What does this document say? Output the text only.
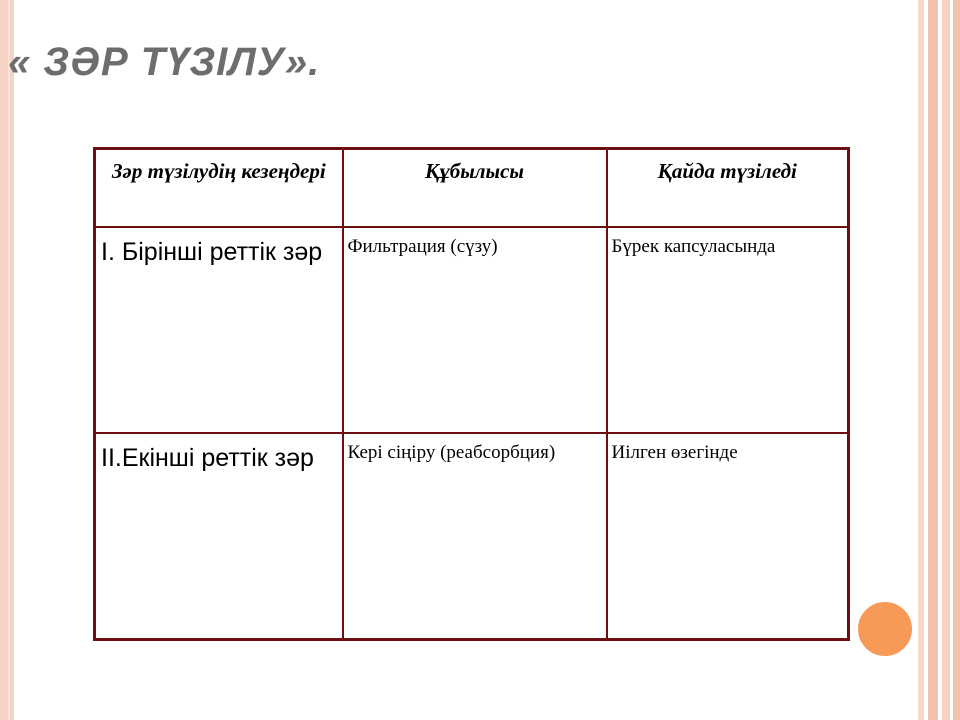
« ЗӘР ТҮЗІЛУ».
Зәр түзілудің кезеңдері	Құбылысы	Қайда түзіледі

І. Бірінші реттік зәр	Фильтрация (сүзу)	Бүрек капсуласында

ІІ.Екінші реттік зәр	Кері сіңіру (реабсорбция)	Иілген өзегінде
